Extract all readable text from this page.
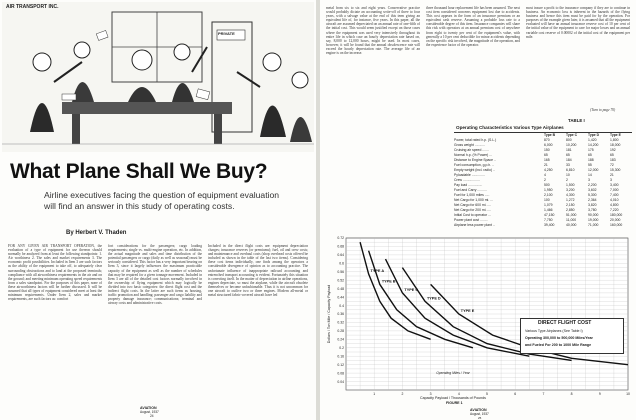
AIR TRANSPORT INC.
PRIVATE
What Plane Shall We Buy?
Airline executives facing the question of equipment evaluation will find an answer in this study of operating costs.
By Herbert V. Thaden
FOR ANY GIVEN AIR TRANSPORT OPERATION, the evaluation of a type of equipment for use thereon should normally be analyzed from at least the following standpoints: 1. Air worthiness 2. The sales and market requirements 3. The economic profit possibilities. Included in Item 3 are such factors as the ability of the equipment to take off, to adequately clear surrounding obstructions and to land at the proposed terminals; compliance with all airworthiness requirements in the air and on the ground; and meeting minimum operating speed requirements from a sales standpoint. For the purposes of this paper, none of these airworthiness factors will be further discussed. It will be assumed that all types of equipment considered meet at least the minimum requirements. Under Item 2, sales and market requirements, are such factors as: comfort
fort considerations for the passengers; cargo loading requirements; single vs. multi-engine operation, etc. In addition, the actual magnitude and sales and time distribution of the potential passengers or cargo (daily as well as seasonal) must be seriously considered. This factor has a very important bearing on Item 3, since it largely influences the maximum practicable capacity of the equipment as well as the number of schedules that may be required for a given tonnage movement. Included in Item 3 are all of the detailed cost factors normally involved in the ownership of flying equipment which may logically be divided into two basic categories: the direct flight cost and the indirect flight costs. In the latter are such items as housing, traffic promotion and handling; passenger and cargo liability and property damage insurance; communications; terminal and airway costs and administrative costs.
Included in the direct flight costs are: equipment depreciation charges; insurance reserves (or premiums); fuel, oil and crew costs; and maintenance and overhaul costs (shop overhead costs offered be included as shown in the table of the last two items). Considering these cost items individually, one finds among the operators a considerable divergence of opinion as to accounting practice. The unfortunate influence of inappropriate railroad accounting and entrenched transport accounting is evident. Fortunately this situation is correcting itself. In the matter of depreciation in airline operations, engines depreciate, so must the airplane, while the aircraft obsolete themselves or become unfashionable. Thus it is not uncommon for one aircraft to outlive two or three engines. Modern all-metal or metal structured fabric-covered aircraft have led
AVIATION
August, 1937
24
metal from six to six and eight years. Conservative practice would probably dictate an accounting write-off of three to four years, with a salvage value at the end of this term giving an equivalent life of, for instance, five years. In this paper, all the aircraft are assumed depreciated on an annual rate of one-fifth of the initial cost. This would seem justified except on those cases where the equipment was used very intensively throughout its entire life in which case an hourly depreciation rate based on, say, 8,000 to 12,000 hours, might be used. In most cases, however, it will be found that the annual obsolescence rate will exceed the hourly depreciation rate. The average life of an engine is on the increase.
three thousand hour replacement life has been assumed. The next cost item considered concerns equipment lost due to accidents. This cost appears in the form of an insurance premium or an equivalent cash reserve. Assuming a probable loss rate to a considerable degree of this item. Insurance companies will share this risk with operators at an annual premium cost of anywhere from eight to twenty per cent of the equipment's value, with generally a 10 per cent deductible for minor accidents depending on the specific risk involved, the magnitude of the operation, and the experience factor of the operator.
most insure a profit to the insurance company if they are to continue in business. An economic loss is inherent in the hazards of the flying business and hence this item must be paid for by the operation. For purposes of the example given later, it is assumed that all the equipment evaluated will have an annual insurance reserve cost of 10 per cent of the initial value of the equipment to care for major losses and an annual variable cost reserve of 0.00002 of the initial cost of the equipment per mile.
(Turn to page 70)
TABLE I
Operating Characteristics Various Type Airplanes
Type B	Type C	Type D	Type E
Power, total rated h.p. (S.L.)	870	800	1,420	1,800
Gross weight ...........	6,000	10,200	14,200	18,000
Cruising air speed .......	150	181	175	192
Normal h.p. (% Power) ...	65	65	65	65
Distance to Engine Space ..	165	184	188	183
Fuel consumption, g.p.h. ..	21	33	55	72
Empty weight (incl. radio) ..	4,250	6,810	12,000	15,300
Pyloadable ..............	4	10	14	21
Crew ..................	2	2	3	3
Pay load ...............	500	1,500	2,200	3,400
Fuel and Carry ..........	1,950	3,200	3,602	7,000
Fuel for 1,000 miles .....	2,100	4,300	5,300	7,400
Net Cargo for 1,000 mi. ...	100	1,272	2,364	4,010
Net Cargo for 600 mi. ....	1,079	2,150	3,820	4,800
Net Cargo for 200 mi. ....	1,466	2,850	3,780	7,220
Initial Cost to operator ...	47,150	51,000	90,000	180,000
Power plant cost ........	7,750	11,000	19,000	20,000
Airplane less power plant ..	39,400	40,000	71,000	160,000
0.72
0.68
0.64
0.6
0.56
0.52
0.48
0.44
0.4
0.36
0.32
0.28
0.24
0.2
0.16
0.12
0.08
0.04
1	2	3	4	5	6	7	8	9	10
Dollars / Ton Mile / Capacity Payload
TYPE A
TYPE B
TYPE C
TYPE D
TYPE E
Operating Miles / Year
DIRECT FLIGHT COST
Various Type Airplanes (See Table I)
Operating 300,000 to 500,000 Miles/Year
and Fueled For 200 to 1000 Mile Range
Capacity Payload / Thousands of Pounds
FIGURE 1
AVIATION
August, 1937
25
